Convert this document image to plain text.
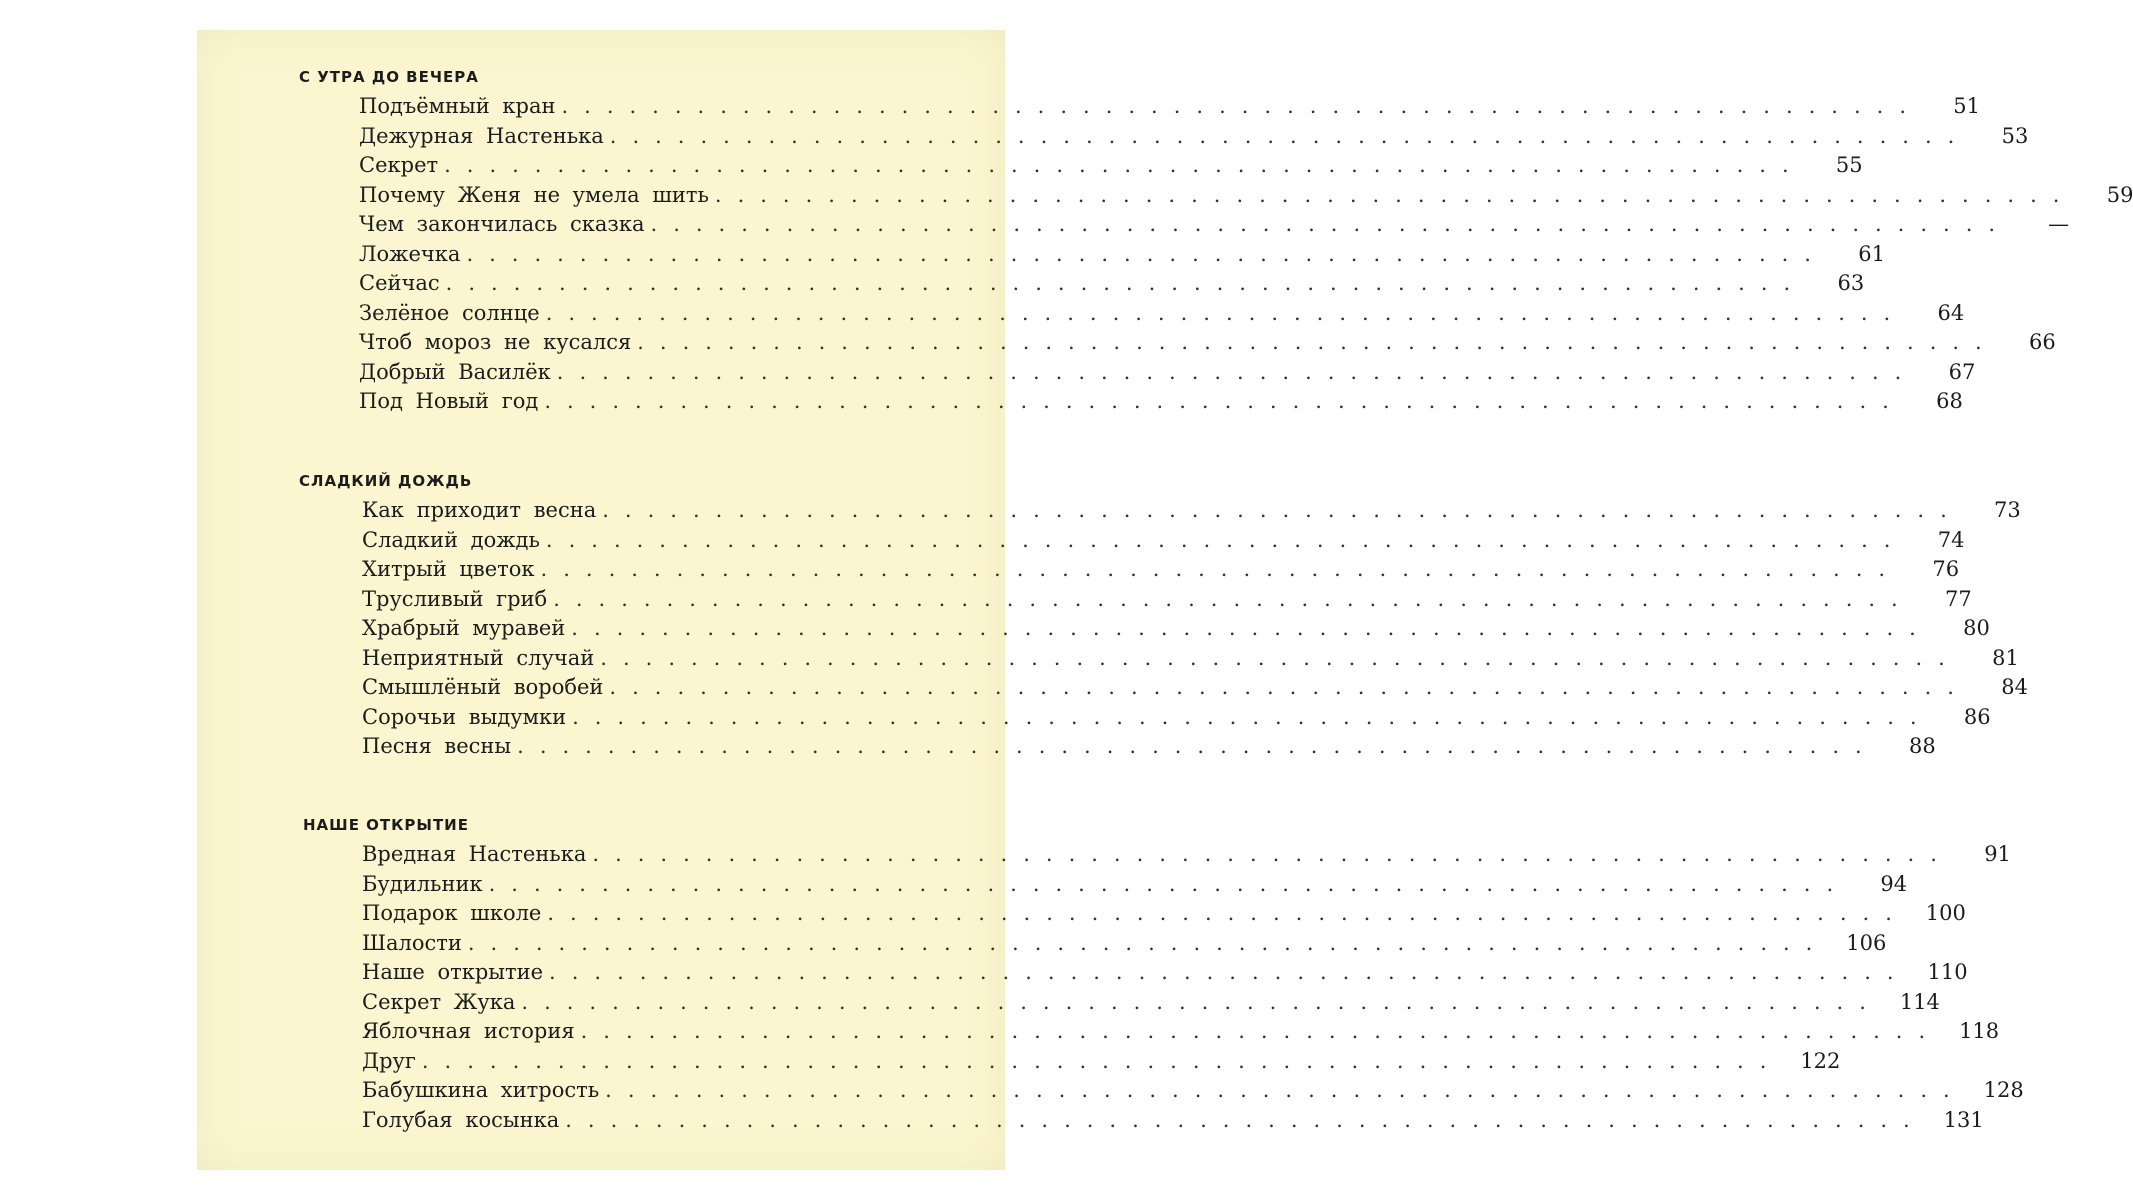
С УТРА ДО ВЕЧЕРА
Подъёмный кран ............................................................	51
Дежурная Настенька ............................................................	53
Секрет ............................................................	55
Почему Женя не умела шить ............................................................	59
Чем закончилась сказка ............................................................	—
Ложечка ............................................................	61
Сейчас ............................................................	63
Зелёное солнце ............................................................	64
Чтоб мороз не кусался ............................................................	66
Добрый Василёк ............................................................	67
Под Новый год ............................................................	68
СЛАДКИЙ ДОЖДЬ
Как приходит весна ............................................................	73
Сладкий дождь ............................................................	74
Хитрый цветок ............................................................	76
Трусливый гриб ............................................................	77
Храбрый муравей ............................................................	80
Неприятный случай ............................................................	81
Смышлёный воробей ............................................................	84
Сорочьи выдумки ............................................................	86
Песня весны ............................................................	88
НАШЕ ОТКРЫТИЕ
Вредная Настенька ............................................................	91
Будильник ............................................................	94
Подарок школе ............................................................ 100
Шалости ............................................................ 106
Наше открытие ............................................................ 110
Секрет Жука ............................................................ 114
Яблочная история ............................................................ 118
Друг ............................................................ 122
Бабушкина хитрость ............................................................ 128
Голубая косынка ............................................................ 131
